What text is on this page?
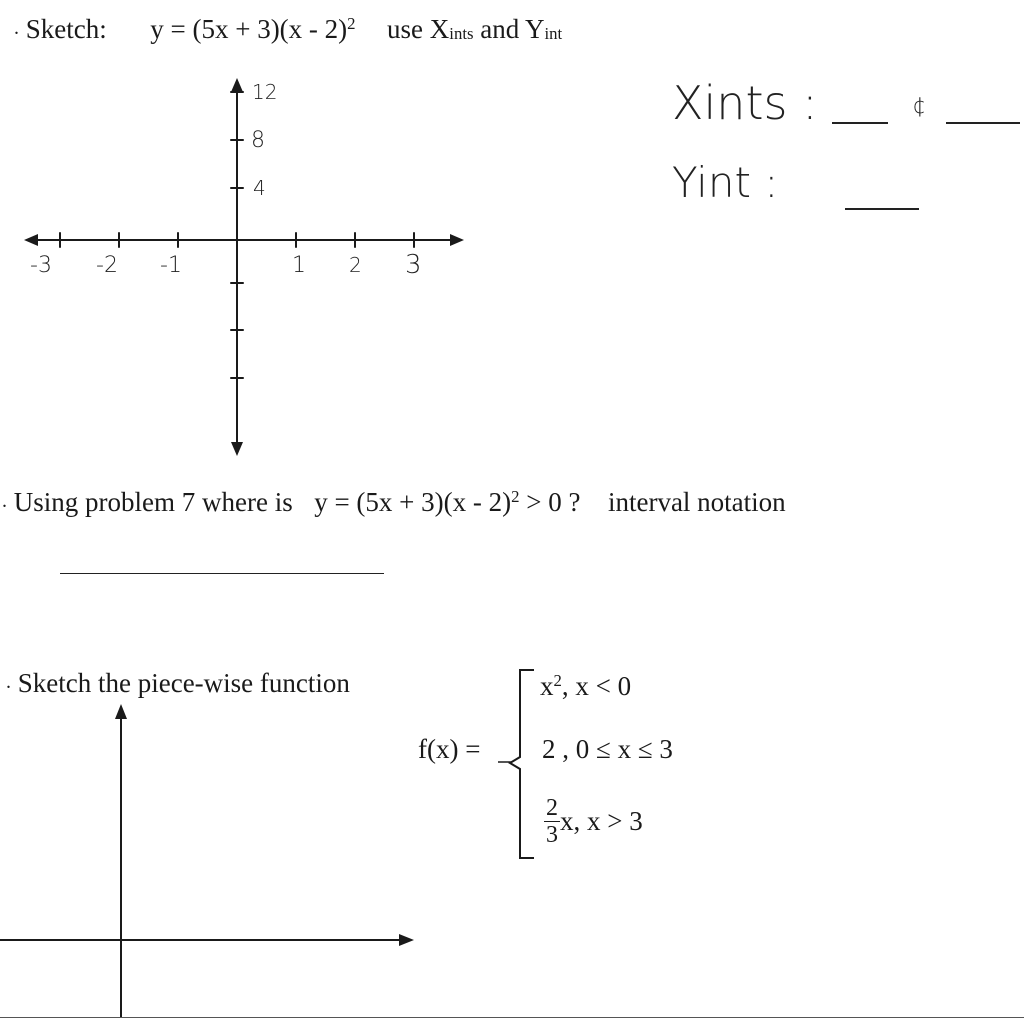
. Sketch: y = (5x + 3)(x - 2)$^2$ use $X_{ints}$ and $Y_{int}$
12
8
4
-3 -2 -1	1 2 3
Xints :	¢
Yint :
. Using problem 7 where is y = (5x + 3)(x - 2)$^2$ > 0 ? interval notation
. Sketch the piece-wise function
f(x) =
$x^2$, x < 0
2 , 0 ≤ x ≤ 3
$\frac{2}{3} x$, x > 3
